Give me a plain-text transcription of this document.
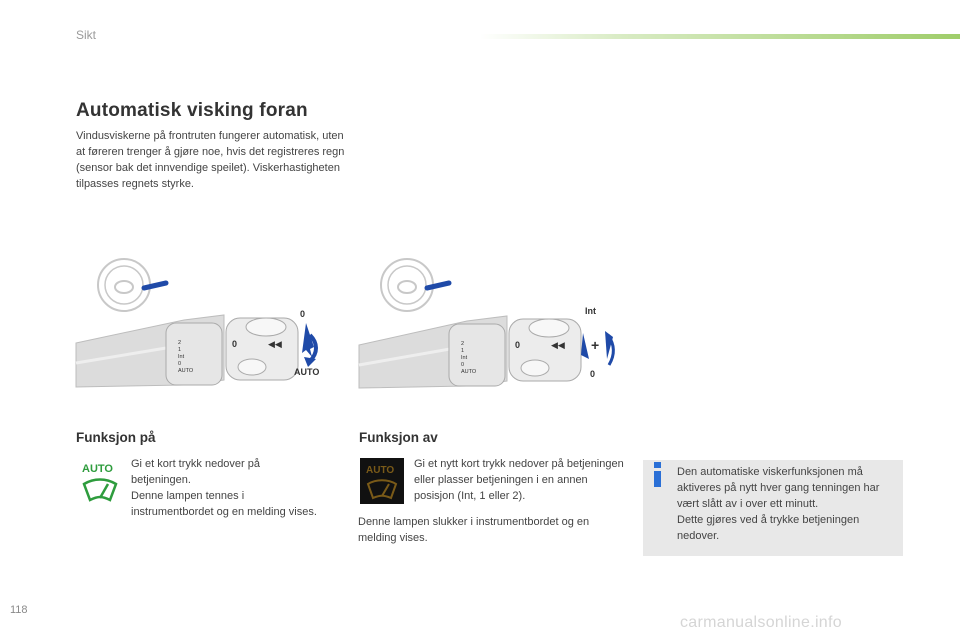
Sikt
Automatisk visking foran
Vindusviskerne på frontruten fungerer automatisk, uten at føreren trenger å gjøre noe, hvis det registreres regn (sensor bak det innvendige speilet). Viskerhastigheten tilpasses regnets styrke.
2
1
Int
0
AUTO
0	◀◀
0
AUTO
2
1
Int
0
AUTO
0	◀◀ +
Int
0
Funksjon på
AUTO Gi et kort trykk nedover på betjeningen.
Denne lampen tennes i instrumentbordet og en melding vises.
Funksjon av
AUTO
Gi et nytt kort trykk nedover på betjeningen eller plasser betjeningen i en annen posisjon (Int, 1 eller 2).
Denne lampen slukker i instrumentbordet og en melding vises.
Den automatiske viskerfunksjonen må aktiveres på nytt hver gang tenningen har vært slått av i over ett minutt.
Dette gjøres ved å trykke betjeningen nedover.
118
carmanualsonline.info
